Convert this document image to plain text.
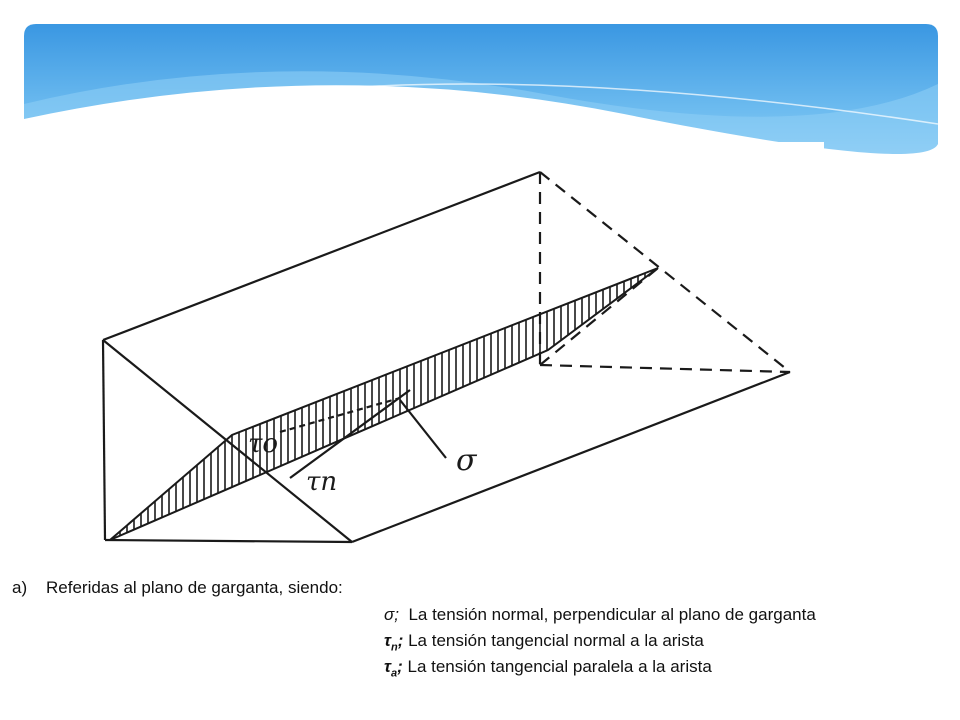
τo
τn
σ
a) Referidas al plano de garganta, siendo:
σ; La tensión normal, perpendicular al plano de garganta
$\tau_n$; La tensión tangencial normal a la arista
$\tau_a$; La tensión tangencial paralela a la arista
